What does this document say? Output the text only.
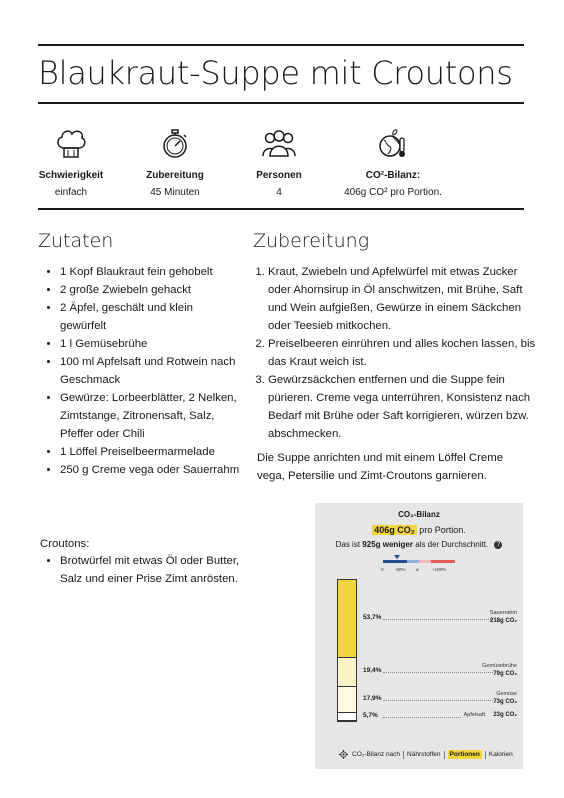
Blaukraut-Suppe mit Croutons
Schwierigkeit
einfach
Zubereitung
45 Minuten
Personen
4
CO²-Bilanz:
406g CO² pro Portion.
Zutaten
• 1 Kopf Blaukraut fein gehobelt
• 2 große Zwiebeln gehackt
• 2 Äpfel, geschält und klein gewürfelt
• 1 l Gemüsebrühe
• 100 ml Apfelsaft und Rotwein nach Geschmack
• Gewürze: Lorbeerblätter, 2 Nelken, Zimtstange, Zitronensaft, Salz, Pfeffer oder Chili
• 1 Löffel Preiselbeermarmelade
• 250 g Creme vega oder Sauerrahm
Croutons:
• Brotwürfel mit etwas Öl oder Butter, Salz und einer Prise Zimt anrösten.
Zubereitung
1. Kraut, Zwiebeln und Apfelwürfel mit etwas Zucker oder Ahornsirup in Öl anschwitzen, mit Brühe, Saft und Wein aufgießen, Gewürze in einem Säckchen oder Teesieb mitkochen.
2. Preiselbeeren einrühren und alles kochen lassen, bis das Kraut weich ist.
3. Gewürzsäckchen entfernen und die Suppe fein pürieren. Creme vega unterrühren, Konsistenz nach Bedarf mit Brühe oder Saft korrigieren, würzen bzw. abschmecken.
Die Suppe anrichten und mit einem Löffel Creme vega, Petersilie und Zimt-Croutons garnieren.
CO₂-Bilanz
406g CO₂ pro Portion.
Das ist 925g weniger als der Durchschnitt. ?
0	-50% ø	+100%
CO₂-Bilanz nach Nährstoffen	Portionen	Kalorien
53,7%
Sauerrahm
218g CO₂
19,4%
Gemüsebrühe
79g CO₂
17,9%
Gemüse
73g CO₂
5,7%	Apfelsaft 23g CO₂
